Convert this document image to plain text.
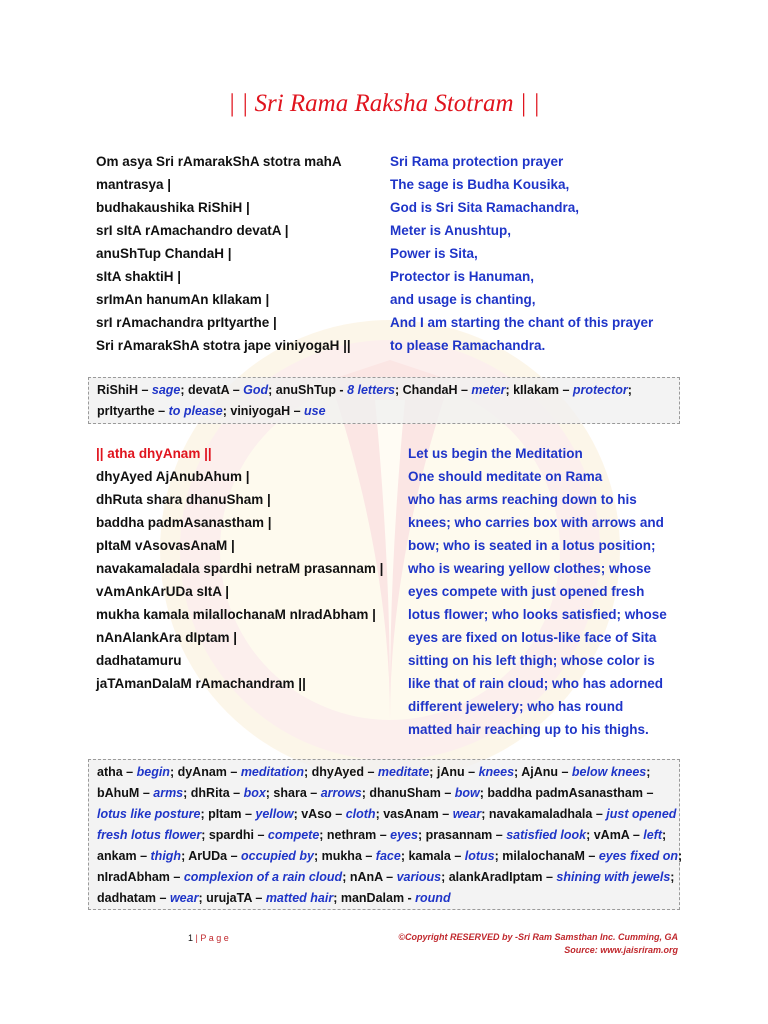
| | Sri Rama Raksha Stotram | |
Om asya Sri rAmarakShA stotra mahA
mantrasya |
budhakaushika RiShiH |
srI sItA rAmachandro devatA |
anuShTup ChandaH |
sItA shaktiH |
srImAn hanumAn kIlakam |
srI rAmachandra prItyarthe |
Sri rAmarakShA stotra jape viniyogaH ||
Sri Rama protection prayer
The sage is Budha Kousika,
God is Sri Sita Ramachandra,
Meter is Anushtup,
Power is Sita,
Protector is Hanuman,
and usage is chanting,
And I am starting the chant of this prayer
to please Ramachandra.
RiShiH – sage; devatA – God; anuShTup - 8 letters; ChandaH – meter; kIlakam – protector;
prItyarthe – to please; viniyogaH – use
|| atha dhyAnam ||
dhyAyed AjAnubAhum |
dhRuta shara dhanuSham |
baddha padmAsanastham |
pItaM vAsovasAnaM |
navakamaladala spardhi netraM prasannam |
vAmAnkArUDa sItA |
mukha kamala milallochanaM nIradAbham |
nAnAlankAra dIptam |
dadhatamuru
jaTAmanDalaM rAmachandram ||
Let us begin the Meditation
One should meditate on Rama
who has arms reaching down to his
knees; who carries box with arrows and
bow; who is seated in a lotus position;
who is wearing yellow clothes; whose
eyes compete with just opened fresh
lotus flower; who looks satisfied; whose
eyes are fixed on lotus-like face of Sita
sitting on his left thigh; whose color is
like that of rain cloud; who has adorned
different jewelery; who has round
matted hair reaching up to his thighs.
atha – begin; dyAnam – meditation; dhyAyed – meditate; jAnu – knees; AjAnu – below knees;
bAhuM – arms; dhRita – box; shara – arrows; dhanuSham – bow; baddha padmAsanastham –
lotus like posture; pItam – yellow; vAso – cloth; vasAnam – wear; navakamaladhala – just opened
fresh lotus flower; spardhi – compete; nethram – eyes; prasannam – satisfied look; vAmA – left;
ankam – thigh; ArUDa – occupied by; mukha – face; kamala – lotus; milalochanaM – eyes fixed on;
nIradAbham – complexion of a rain cloud; nAnA – various; alankAradIptam – shining with jewels;
dadhatam – wear; urujaTA – matted hair; manDalam - round
1 | P a g e	©Copyright RESERVED by -Sri Ram Samsthan Inc. Cumming, GA
Source: www.jaisriram.org
